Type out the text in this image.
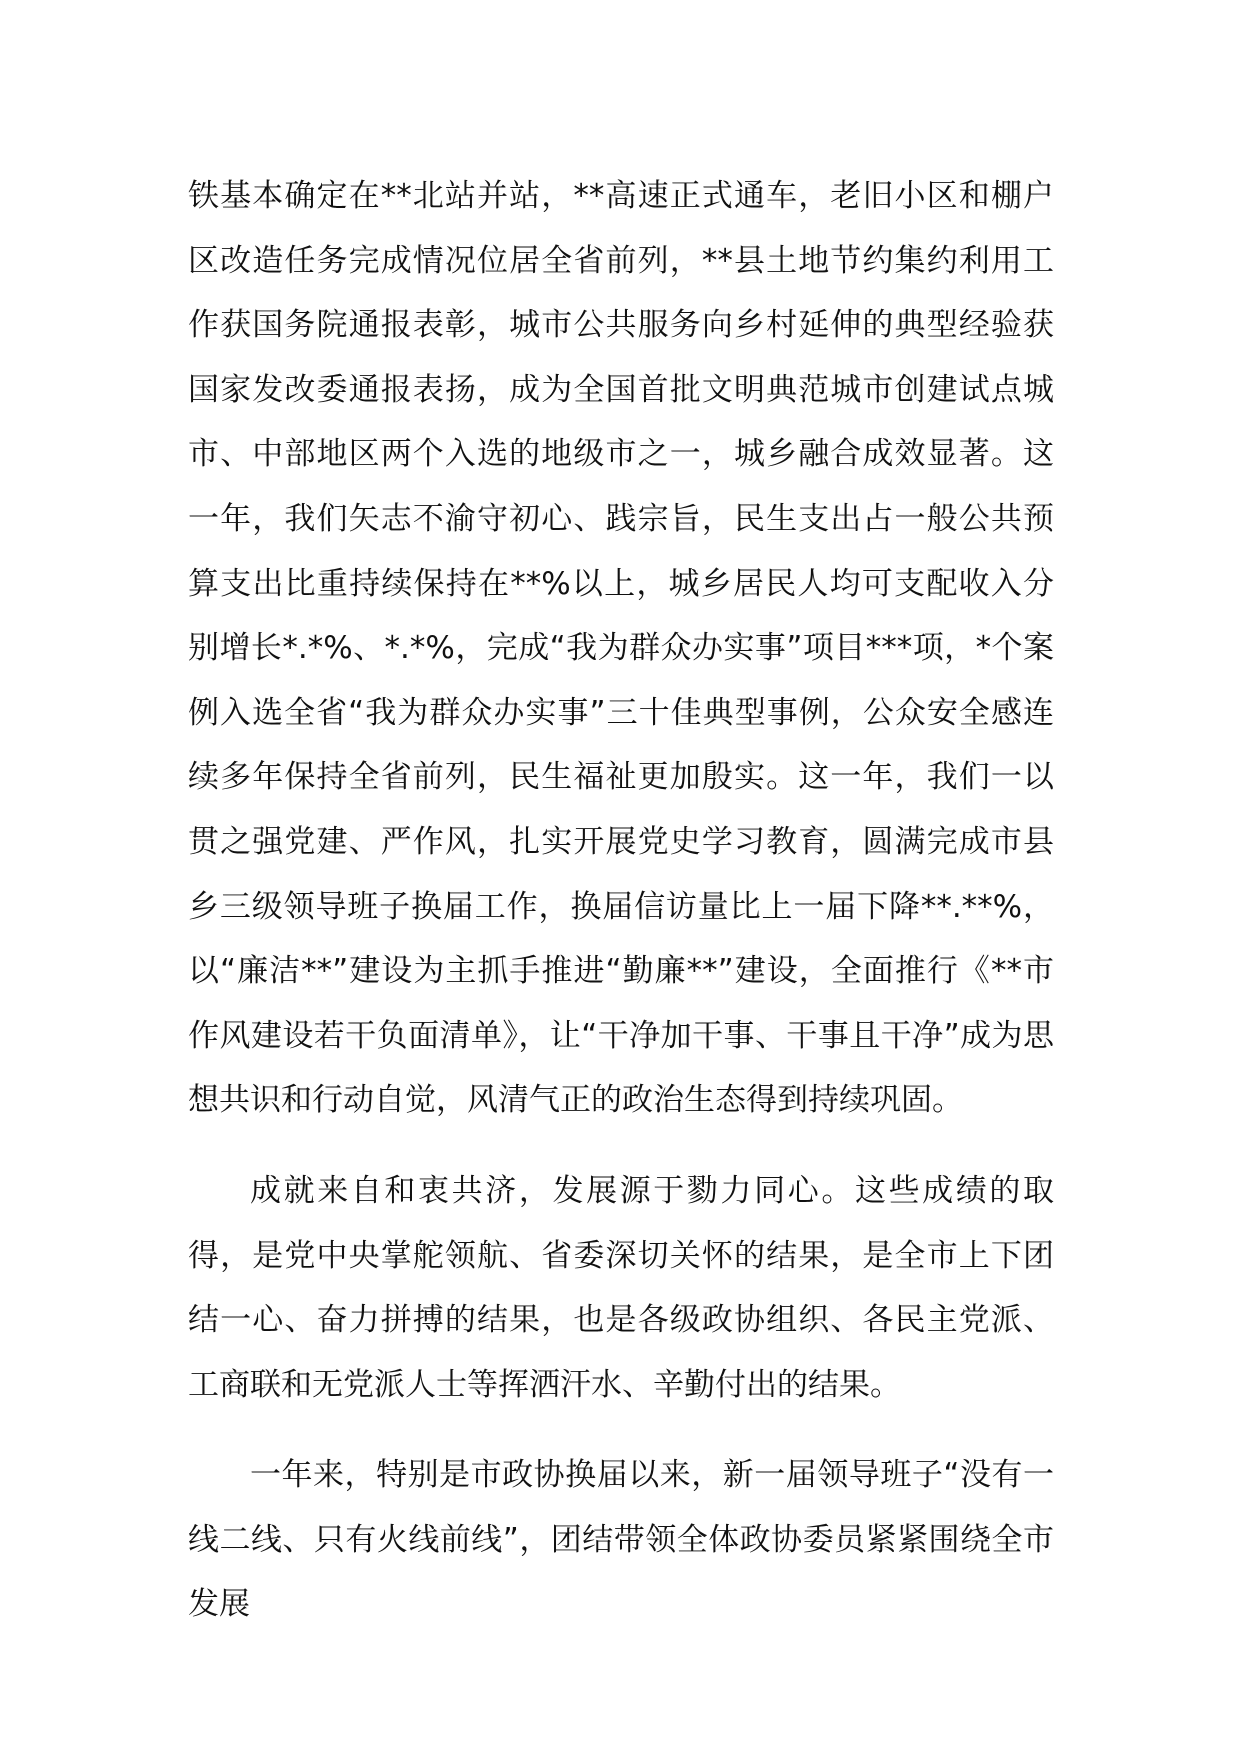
铁基本确定在**北站并站，**高速正式通车，老旧小区和棚户区改造任务完成情况位居全省前列，**县土地节约集约利用工作获国务院通报表彰，城市公共服务向乡村延伸的典型经验获国家发改委通报表扬，成为全国首批文明典范城市创建试点城市、中部地区两个入选的地级市之一，城乡融合成效显著。这一年，我们矢志不渝守初心、践宗旨，民生支出占一般公共预算支出比重持续保持在**%以上，城乡居民人均可支配收入分别增长*.*%、*.*%，完成“我为群众办实事”项目***项，*个案例入选全省“我为群众办实事”三十佳典型事例，公众安全感连续多年保持全省前列，民生福祉更加殷实。这一年，我们一以贯之强党建、严作风，扎实开展党史学习教育，圆满完成市县乡三级领导班子换届工作，换届信访量比上一届下降**.**%，以“廉洁**”建设为主抓手推进“勤廉**”建设，全面推行《**市作风建设若干负面清单》，让“干净加干事、干事且干净”成为思想共识和行动自觉，风清气正的政治生态得到持续巩固。

成就来自和衷共济，发展源于勠力同心。这些成绩的取得，是党中央掌舵领航、省委深切关怀的结果，是全市上下团结一心、奋力拼搏的结果，也是各级政协组织、各民主党派、工商联和无党派人士等挥洒汗水、辛勤付出的结果。

一年来，特别是市政协换届以来，新一届领导班子“没有一线二线、只有火线前线”，团结带领全体政协委员紧紧围绕全市发展
